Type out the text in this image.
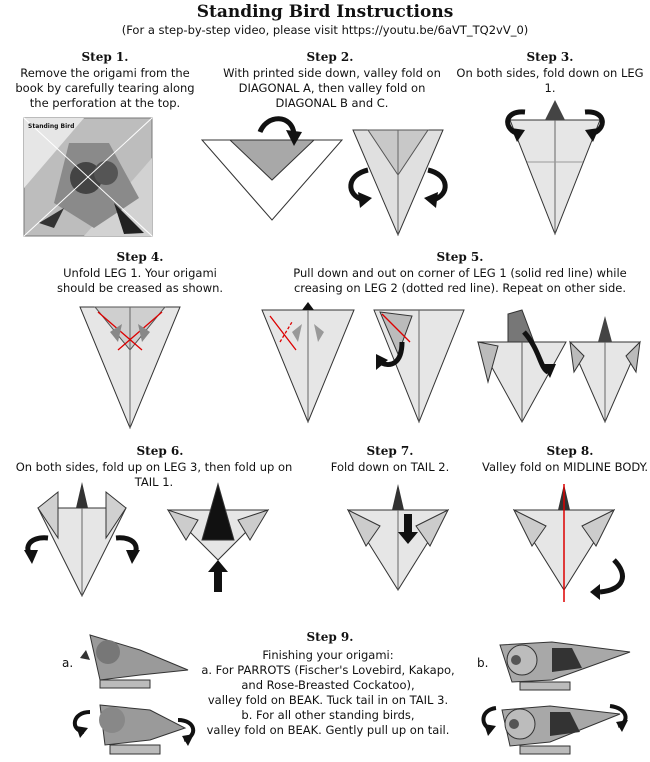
Standing Bird Instructions
(For a step-by-step video, please visit https://youtu.be/6aVT_TQ2vV_0)
Step 1.
Remove the origami from the book by carefully tearing along the perforation at the top.
Standing Bird
Step 2.
With printed side down, valley fold on DIAGONAL A, then valley fold on DIAGONAL B and C.
Step 3.
On both sides, fold down on LEG 1.
Step 4.
Unfold LEG 1. Your origami should be creased as shown.
Step 5.
Pull down and out on corner of LEG 1 (solid red line) while creasing on LEG 2 (dotted red line). Repeat on other side.
Step 6.
On both sides, fold up on LEG 3, then fold up on TAIL 1.
Step 7.
Fold down on TAIL 2.
Step 8.
Valley fold on MIDLINE BODY.
Step 9.
Finishing your origami:
a. For PARROTS (Fischer's Lovebird, Kakapo,
and Rose-Breasted Cockatoo),
valley fold on BEAK. Tuck tail in on TAIL 3.
b. For all other standing birds,
valley fold on BEAK. Gently pull up on tail.
a.	b.
